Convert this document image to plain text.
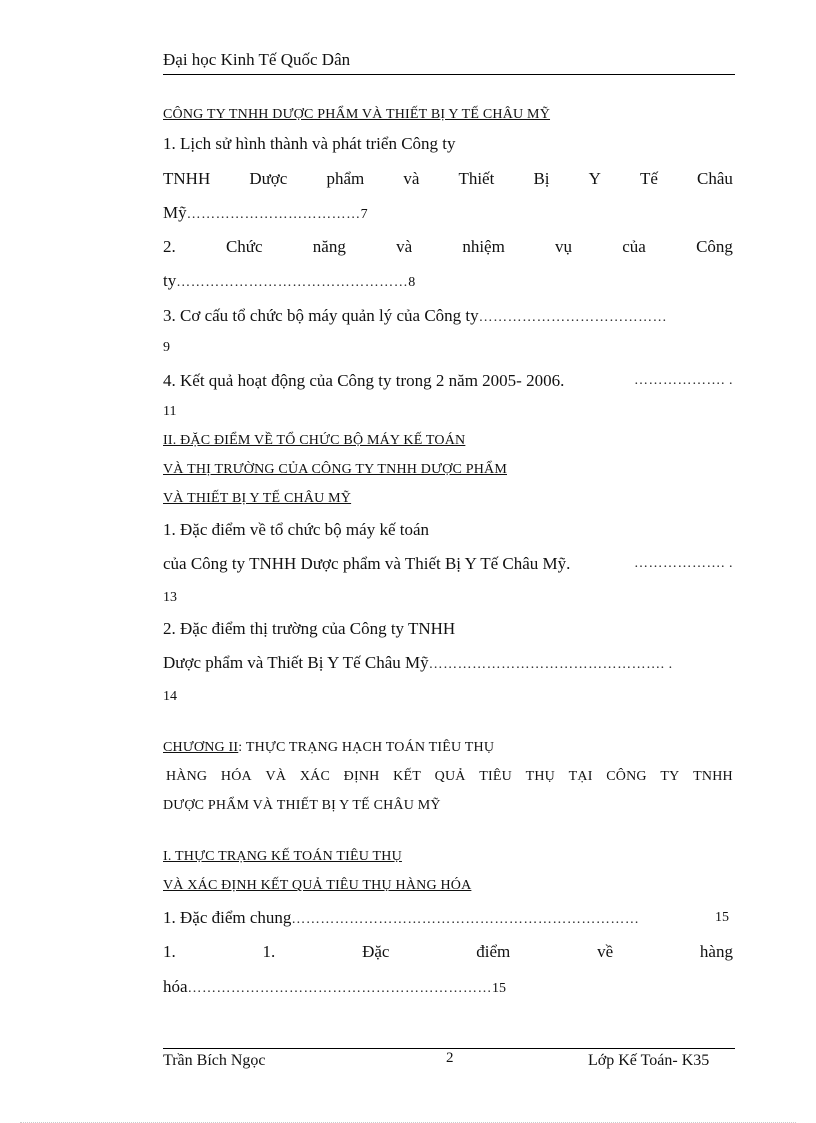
Đại học Kinh Tế Quốc Dân
CÔNG TY TNHH DƯỢC PHẨM VÀ THIẾT BỊ Y TẾ CHÂU MỸ
1. Lịch sử hình thành và phát triển Công ty
TNHH Dược phẩm và Thiết Bị Y Tế Châu
Mỹ………………………………7
2.	Chức	năng	và	nhiệm	vụ	của	Công
ty…………………………………………8
3. Cơ cấu tổ chức bộ máy quản lý của Công ty…………………………………
9
4. Kết quả hoạt động của Công ty trong 2 năm 2005- 2006.	………………. .
11
II. ĐẶC ĐIỂM VỀ TỔ CHỨC BỘ MÁY KẾ TOÁN
VÀ THỊ TRƯỜNG CỦA CÔNG TY TNHH DƯỢC PHẨM
VÀ THIẾT BỊ Y TẾ CHÂU MỸ
1. Đặc điểm về tổ chức bộ máy kế toán
của Công ty TNHH Dược phẩm và Thiết Bị Y Tế Châu Mỹ.	………………. .
13
2. Đặc điểm thị trường của Công ty TNHH
Dược phẩm và Thiết Bị Y Tế Châu Mỹ…………………………………………. .
14
CHƯƠNG II: THỰC TRẠNG HẠCH TOÁN TIÊU THỤ
HÀNG HÓA VÀ XÁC ĐỊNH KẾT QUẢ TIÊU THỤ TẠI CÔNG TY TNHH
DƯỢC PHẨM VÀ THIẾT BỊ Y TẾ CHÂU MỸ
I. THỰC TRẠNG KẾ TOÁN TIÊU THỤ
VÀ XÁC ĐỊNH KẾT QUẢ TIÊU THỤ HÀNG HÓA
1. Đặc điểm chung………………………………………………………………	15
1.	1.	Đặc	điểm	về	hàng
hóa………………………………………………………15
Trần Bích Ngọc	2	Lớp Kế Toán- K35
